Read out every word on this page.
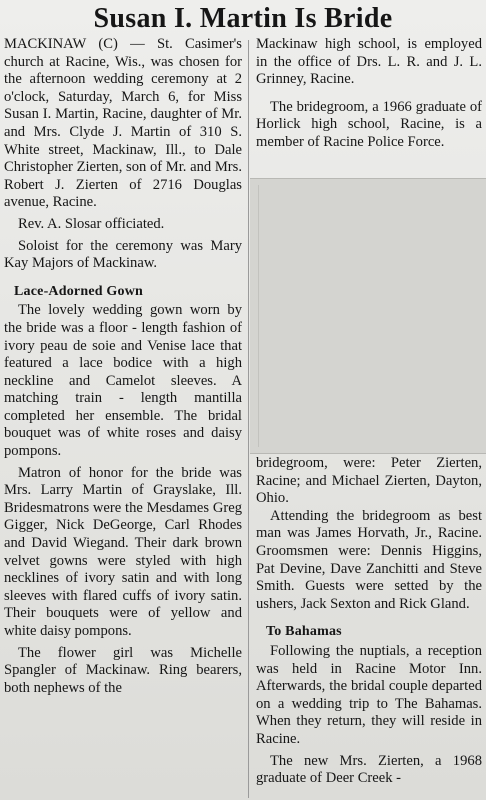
Susan I. Martin Is Bride

MACKINAW (C) — St. Casimer's church at Racine, Wis., was chosen for the afternoon wedding ceremony at 2 o'clock, Saturday, March 6, for Miss Susan I. Martin, Racine, daughter of Mr. and Mrs. Clyde J. Martin of 310 S. White street, Mackinaw, Ill., to Dale Christopher Zierten, son of Mr. and Mrs. Robert J. Zierten of 2716 Douglas avenue, Racine.

Rev. A. Slosar officiated.

Soloist for the ceremony was Mary Kay Majors of Mackinaw.

Lace-Adorned Gown

The lovely wedding gown worn by the bride was a floor - length fashion of ivory peau de soie and Venise lace that featured a lace bodice with a high neckline and Camelot sleeves. A matching train - length mantilla completed her ensemble. The bridal bouquet was of white roses and daisy pompons.

Matron of honor for the bride was Mrs. Larry Martin of Grayslake, Ill. Bridesmatrons were the Mesdames Greg Gigger, Nick DeGeorge, Carl Rhodes and David Wiegand. Their dark brown velvet gowns were styled with high necklines of ivory satin and with long sleeves with flared cuffs of ivory satin. Their bouquets were of yellow and white daisy pompons.

The flower girl was Michelle Spangler of Mackinaw. Ring bearers, both nephews of the

Mackinaw high school, is employed in the office of Drs. L. R. and J. L. Grinney, Racine.

The bridegroom, a 1966 graduate of Horlick high school, Racine, is a member of Racine Police Force.

bridegroom, were: Peter Zierten, Racine; and Michael Zierten, Dayton, Ohio.

Attending the bridegroom as best man was James Horvath, Jr., Racine. Groomsmen were: Dennis Higgins, Pat Devine, Dave Zanchitti and Steve Smith. Guests were setted by the ushers, Jack Sexton and Rick Gland.

To Bahamas

Following the nuptials, a reception was held in Racine Motor Inn. Afterwards, the bridal couple departed on a wedding trip to The Bahamas. When they return, they will reside in Racine.

The new Mrs. Zierten, a 1968 graduate of Deer Creek -
